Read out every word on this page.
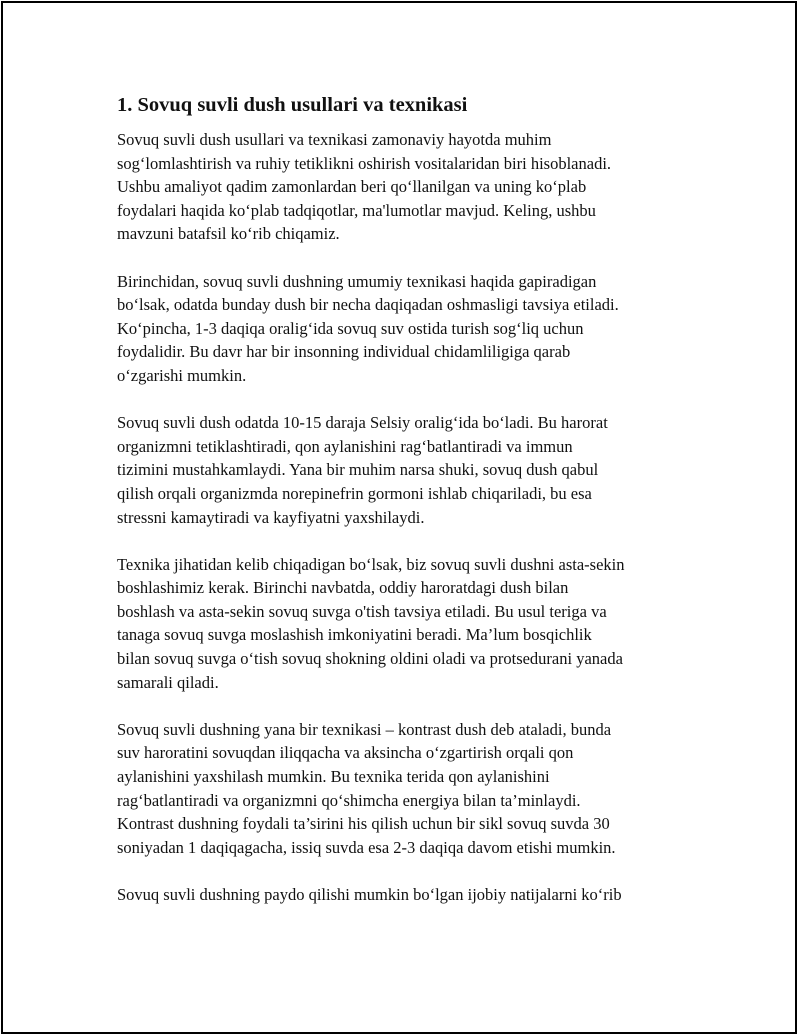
1. Sovuq suvli dush usullari va texnikasi
Sovuq suvli dush usullari va texnikasi zamonaviy hayotda muhim
sog‘lomlashtirish va ruhiy tetiklikni oshirish vositalaridan biri hisoblanadi.
Ushbu amaliyot qadim zamonlardan beri qo‘llanilgan va uning ko‘plab
foydalari haqida ko‘plab tadqiqotlar, ma'lumotlar mavjud. Keling, ushbu
mavzuni batafsil ko‘rib chiqamiz.
Birinchidan, sovuq suvli dushning umumiy texnikasi haqida gapiradigan
bo‘lsak, odatda bunday dush bir necha daqiqadan oshmasligi tavsiya etiladi.
Ko‘pincha, 1-3 daqiqa oralig‘ida sovuq suv ostida turish sog‘liq uchun
foydalidir. Bu davr har bir insonning individual chidamliligiga qarab
o‘zgarishi mumkin.
Sovuq suvli dush odatda 10-15 daraja Selsiy oralig‘ida bo‘ladi. Bu harorat
organizmni tetiklashtiradi, qon aylanishini rag‘batlantiradi va immun
tizimini mustahkamlaydi. Yana bir muhim narsa shuki, sovuq dush qabul
qilish orqali organizmda norepinefrin gormoni ishlab chiqariladi, bu esa
stressni kamaytiradi va kayfiyatni yaxshilaydi.
Texnika jihatidan kelib chiqadigan bo‘lsak, biz sovuq suvli dushni asta-sekin
boshlashimiz kerak. Birinchi navbatda, oddiy haroratdagi dush bilan
boshlash va asta-sekin sovuq suvga o'tish tavsiya etiladi. Bu usul teriga va
tanaga sovuq suvga moslashish imkoniyatini beradi. Ma’lum bosqichlik
bilan sovuq suvga o‘tish sovuq shokning oldini oladi va protsedurani yanada
samarali qiladi.
Sovuq suvli dushning yana bir texnikasi – kontrast dush deb ataladi, bunda
suv haroratini sovuqdan iliqqacha va aksincha o‘zgartirish orqali qon
aylanishini yaxshilash mumkin. Bu texnika terida qon aylanishini
rag‘batlantiradi va organizmni qo‘shimcha energiya bilan ta’minlaydi.
Kontrast dushning foydali ta’sirini his qilish uchun bir sikl sovuq suvda 30
soniyadan 1 daqiqagacha, issiq suvda esa 2-3 daqiqa davom etishi mumkin.
Sovuq suvli dushning paydo qilishi mumkin bo‘lgan ijobiy natijalarni ko‘rib
